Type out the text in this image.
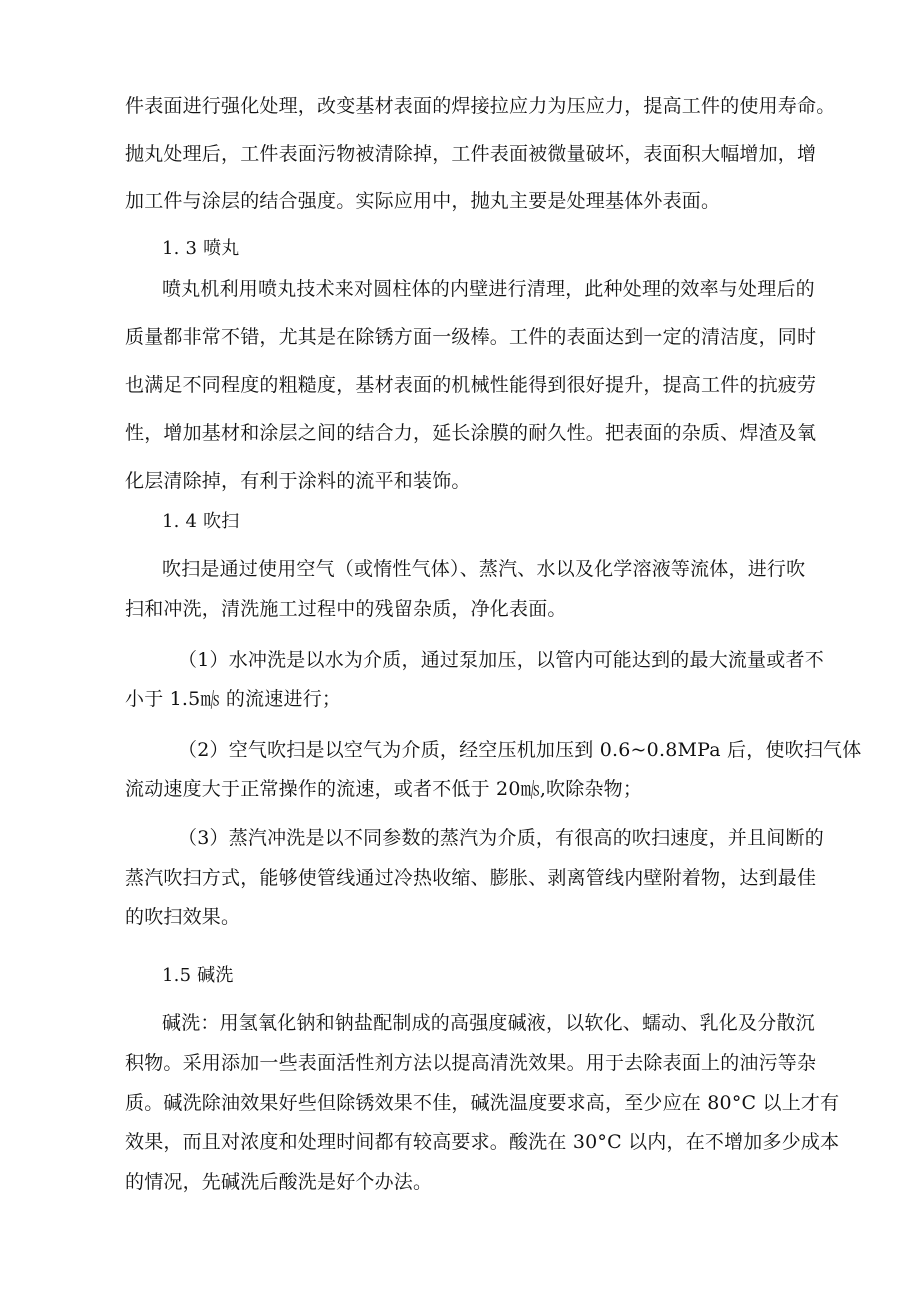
件表面进行强化处理，改变基材表面的焊接拉应力为压应力，提高工件的使用寿命。
抛丸处理后，工件表面污物被清除掉，工件表面被微量破坏，表面积大幅增加，增
加工件与涂层的结合强度。实际应用中，抛丸主要是处理基体外表面。
1. 3 喷丸
喷丸机利用喷丸技术来对圆柱体的内壁进行清理，此种处理的效率与处理后的
质量都非常不错，尤其是在除锈方面一级棒。工件的表面达到一定的清洁度，同时
也满足不同程度的粗糙度，基材表面的机械性能得到很好提升，提高工件的抗疲劳
性，增加基材和涂层之间的结合力，延长涂膜的耐久性。把表面的杂质、焊渣及氧
化层清除掉，有利于涂料的流平和装饰。
1. 4 吹扫
吹扫是通过使用空气（或惰性气体）、蒸汽、水以及化学溶液等流体，进行吹
扫和冲洗，清洗施工过程中的残留杂质，净化表面。
（1）水冲洗是以水为介质，通过泵加压，以管内可能达到的最大流量或者不
小于 1.5㎧ 的流速进行；
（2）空气吹扫是以空气为介质，经空压机加压到 0.6~0.8MPa 后，使吹扫气体
流动速度大于正常操作的流速，或者不低于 20㎧,吹除杂物；
（3）蒸汽冲洗是以不同参数的蒸汽为介质，有很高的吹扫速度，并且间断的
蒸汽吹扫方式，能够使管线通过冷热收缩、膨胀、剥离管线内壁附着物，达到最佳
的吹扫效果。
1.5 碱洗
碱洗：用氢氧化钠和钠盐配制成的高强度碱液，以软化、蠕动、乳化及分散沉
积物。采用添加一些表面活性剂方法以提高清洗效果。用于去除表面上的油污等杂
质。碱洗除油效果好些但除锈效果不佳，碱洗温度要求高，至少应在 80°C 以上才有
效果，而且对浓度和处理时间都有较高要求。酸洗在 30°C 以内，在不增加多少成本
的情况，先碱洗后酸洗是好个办法。
